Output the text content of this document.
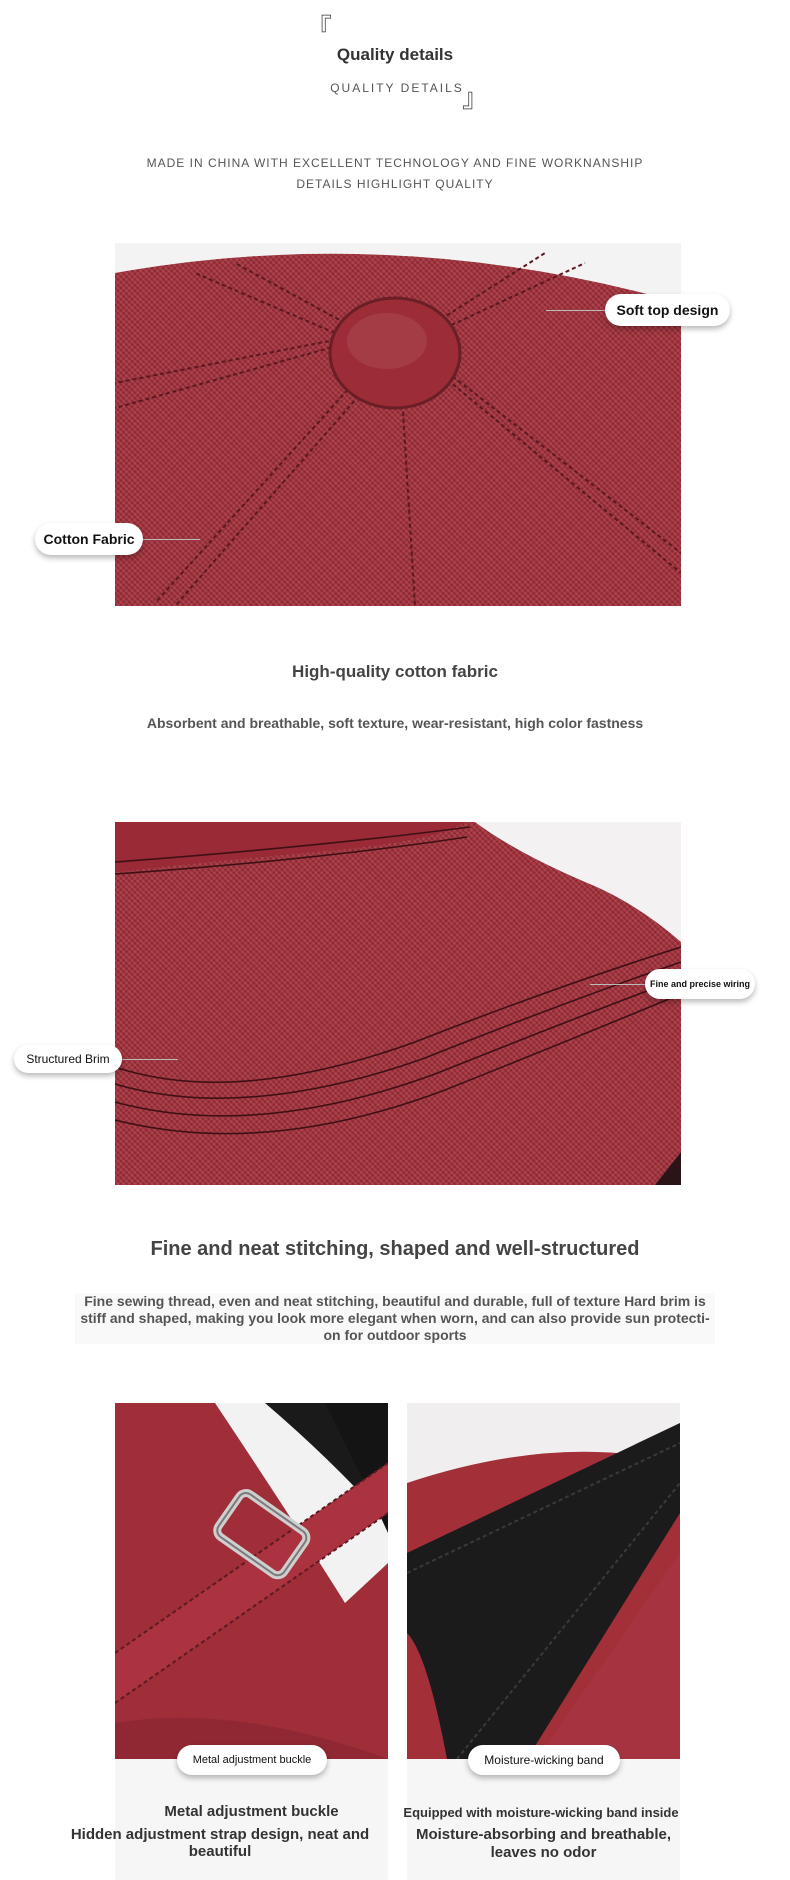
『
Quality details
QUALITY DETAILS
』
MADE IN CHINA WITH EXCELLENT TECHNOLOGY AND FINE WORKNANSHIP
DETAILS HIGHLIGHT QUALITY
Soft top design
Cotton Fabric
High-quality cotton fabric
Absorbent and breathable, soft texture, wear-resistant, high color fastness
Fine and precise wiring
Structured Brim
Fine and neat stitching, shaped and well-structured
Fine sewing thread, even and neat stitching, beautiful and durable, full of texture Hard brim is stiff and shaped, making you look more elegant when worn, and can also provide sun protecti-on for outdoor sports
Metal adjustment buckle	Moisture-wicking band
Metal adjustment buckle
Hidden adjustment strap design, neat and beautiful
Equipped with moisture-wicking band inside
Moisture-absorbing and breathable,
leaves no odor
